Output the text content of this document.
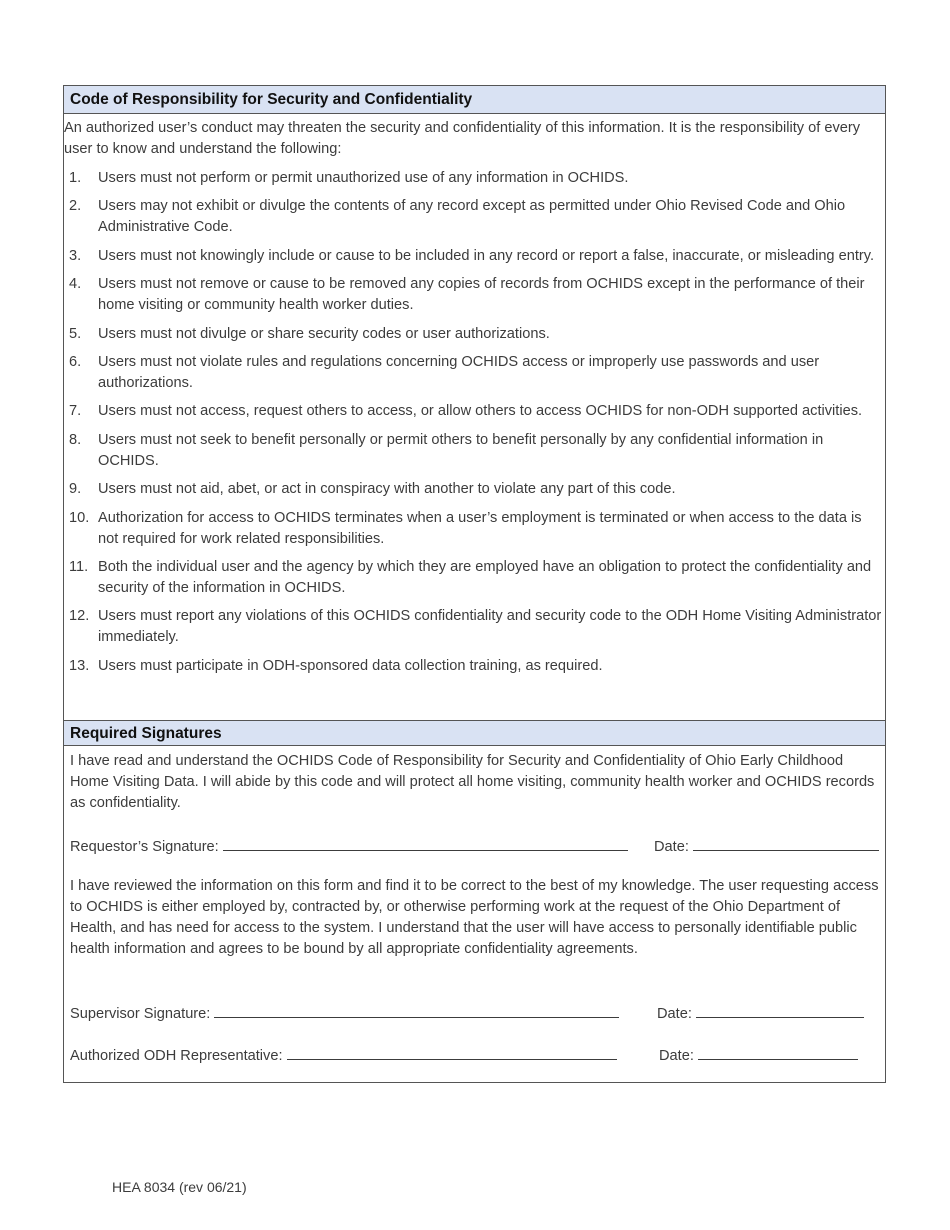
Code of Responsibility for Security and Confidentiality

An authorized user’s conduct may threaten the security and confidentiality of this information. It is the responsibility of every user to know and understand the following:

1.	Users must not perform or permit unauthorized use of any information in OCHIDS.
2.	Users may not exhibit or divulge the contents of any record except as permitted under Ohio Revised Code and Ohio Administrative Code.
3.	Users must not knowingly include or cause to be included in any record or report a false, inaccurate, or misleading entry.
4.	Users must not remove or cause to be removed any copies of records from OCHIDS except in the performance of their home visiting or community health worker duties.
5.	Users must not divulge or share security codes or user authorizations.
6.	Users must not violate rules and regulations concerning OCHIDS access or improperly use passwords and user authorizations.
7.	Users must not access, request others to access, or allow others to access OCHIDS for non-ODH supported activities.
8.	Users must not seek to benefit personally or permit others to benefit personally by any confidential information in OCHIDS.
9.	Users must not aid, abet, or act in conspiracy with another to violate any part of this code.
10. Authorization for access to OCHIDS terminates when a user’s employment is terminated or when access to the data is not required for work related responsibilities.
11. Both the individual user and the agency by which they are employed have an obligation to protect the confidentiality and security of the information in OCHIDS.
12. Users must report any violations of this OCHIDS confidentiality and security code to the ODH Home Visiting Administrator immediately.
13. Users must participate in ODH-sponsored data collection training, as required.
Required Signatures

I have read and understand the OCHIDS Code of Responsibility for Security and Confidentiality of Ohio Early Childhood Home Visiting Data. I will abide by this code and will protect all home visiting, community health worker and OCHIDS records as confidentiality.

Requestor’s Signature:	Date:

I have reviewed the information on this form and find it to be correct to the best of my knowledge. The user requesting access to OCHIDS is either employed by, contracted by, or otherwise performing work at the request of the Ohio Department of Health, and has need for access to the system. I understand that the user will have access to personally identifiable public health information and agrees to be bound by all appropriate confidentiality agreements.

Supervisor Signature:	Date:
Authorized ODH Representative:	Date:
HEA 8034 (rev 06/21)
